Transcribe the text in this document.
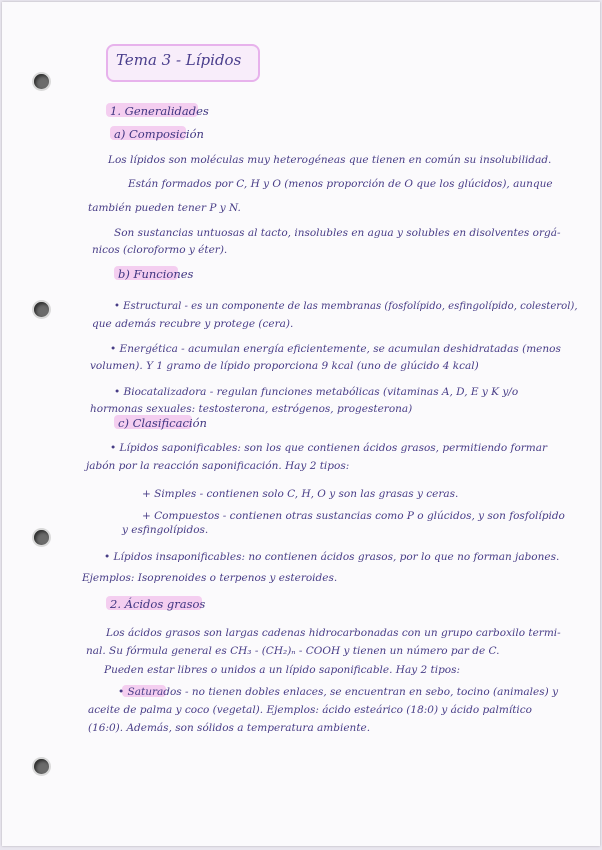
Tema 3 - Lípidos
1. Generalidades
a) Composición
Los lípidos son moléculas muy heterogéneas que tienen en común su insolubilidad.
Están formados por C, H y O (menos proporción de O que los glúcidos), aunque
también pueden tener P y N.
Son sustancias untuosas al tacto, insolubles en agua y solubles en disolventes orgá-
nicos (cloroformo y éter).
b) Funciones
• Estructural - es un componente de las membranas (fosfolípido, esfingolípido, colesterol),
que además recubre y protege (cera).
• Energética - acumulan energía eficientemente, se acumulan deshidratadas (menos
volumen). Y 1 gramo de lípido proporciona 9 kcal (uno de glúcido 4 kcal)
• Biocatalizadora - regulan funciones metabólicas (vitaminas A, D, E y K y/o
hormonas sexuales: testosterona, estrógenos, progesterona)
c) Clasificación
• Lípidos saponificables: son los que contienen ácidos grasos, permitiendo formar
jabón por la reacción saponificación. Hay 2 tipos:
+ Simples - contienen solo C, H, O y son las grasas y ceras.
+ Compuestos - contienen otras sustancias como P o glúcidos, y son fosfolípido
y esfingolípidos.
• Lípidos insaponificables: no contienen ácidos grasos, por lo que no forman jabones.
Ejemplos: Isoprenoides o terpenos y esteroides.
2. Ácidos grasos
Los ácidos grasos son largas cadenas hidrocarbonadas con un grupo carboxilo termi-
nal. Su fórmula general es CH₃ - (CH₂)ₙ - COOH y tienen un número par de C.
Pueden estar libres o unidos a un lípido saponificable. Hay 2 tipos:
• Saturados - no tienen dobles enlaces, se encuentran en sebo, tocino (animales) y
aceite de palma y coco (vegetal). Ejemplos: ácido esteárico (18:0) y ácido palmítico
(16:0). Además, son sólidos a temperatura ambiente.
